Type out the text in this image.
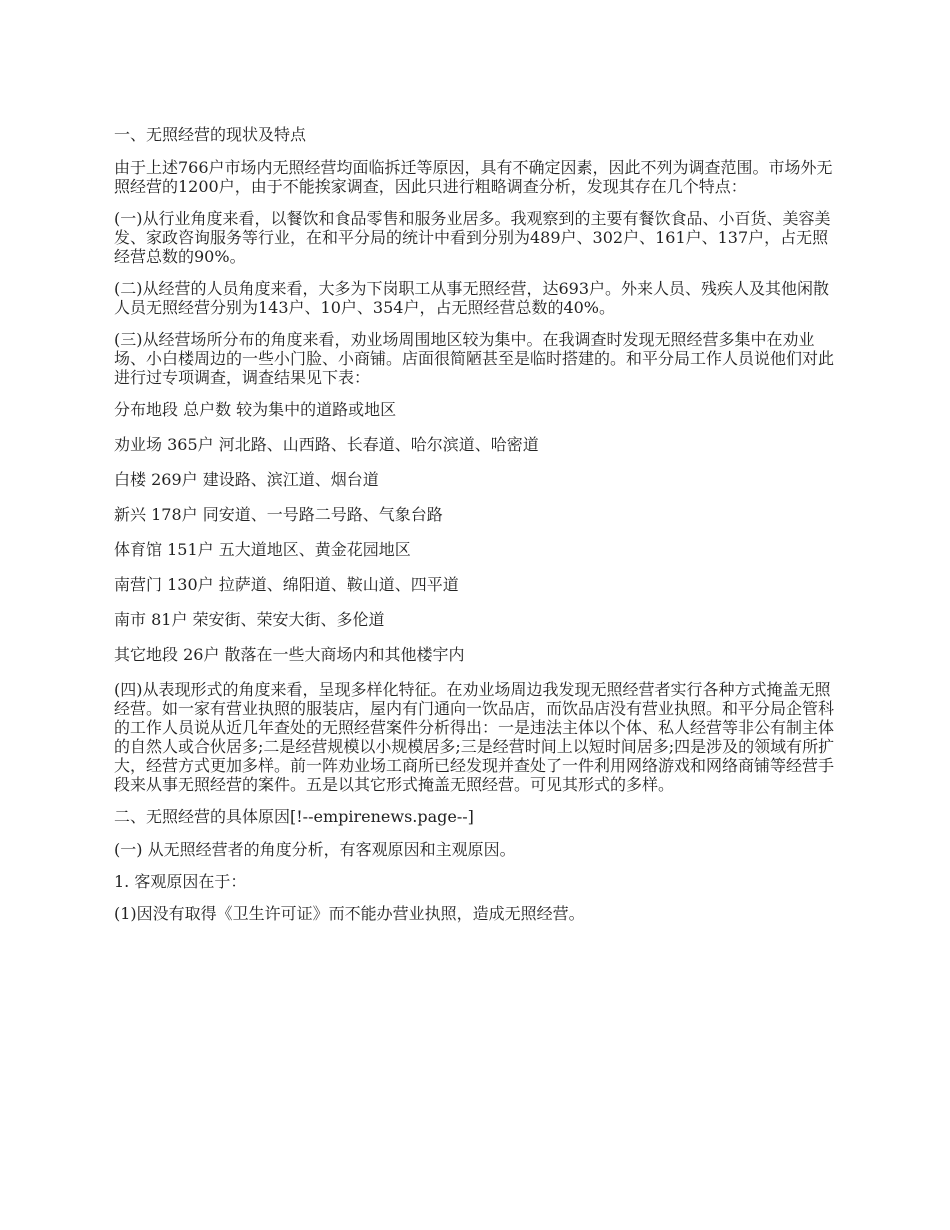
一、无照经营的现状及特点

由于上述766户市场内无照经营均面临拆迁等原因，具有不确定因素，因此不列为调查范围。市场外无照经营的1200户，由于不能挨家调查，因此只进行粗略调查分析，发现其存在几个特点：

(一)从行业角度来看，以餐饮和食品零售和服务业居多。我观察到的主要有餐饮食品、小百货、美容美发、家政咨询服务等行业，在和平分局的统计中看到分别为489户、302户、161户、137户，占无照经营总数的90%。

(二)从经营的人员角度来看，大多为下岗职工从事无照经营，达693户。外来人员、残疾人及其他闲散人员无照经营分别为143户、10户、354户，占无照经营总数的40%。

(三)从经营场所分布的角度来看，劝业场周围地区较为集中。在我调查时发现无照经营多集中在劝业场、小白楼周边的一些小门脸、小商铺。店面很简陋甚至是临时搭建的。和平分局工作人员说他们对此进行过专项调查，调查结果见下表：

分布地段 总户数 较为集中的道路或地区

劝业场 365户 河北路、山西路、长春道、哈尔滨道、哈密道

白楼 269户 建设路、滨江道、烟台道

新兴 178户 同安道、一号路二号路、气象台路

体育馆 151户 五大道地区、黄金花园地区

南营门 130户 拉萨道、绵阳道、鞍山道、四平道

南市 81户 荣安街、荣安大街、多伦道

其它地段 26户 散落在一些大商场内和其他楼宇内

(四)从表现形式的角度来看，呈现多样化特征。在劝业场周边我发现无照经营者实行各种方式掩盖无照经营。如一家有营业执照的服装店，屋内有门通向一饮品店，而饮品店没有营业执照。和平分局企管科的工作人员说从近几年查处的无照经营案件分析得出：一是违法主体以个体、私人经营等非公有制主体的自然人或合伙居多;二是经营规模以小规模居多;三是经营时间上以短时间居多;四是涉及的领域有所扩大，经营方式更加多样。前一阵劝业场工商所已经发现并查处了一件利用网络游戏和网络商铺等经营手段来从事无照经营的案件。五是以其它形式掩盖无照经营。可见其形式的多样。

二、无照经营的具体原因[!--empirenews.page--]

(一) 从无照经营者的角度分析，有客观原因和主观原因。

1. 客观原因在于：

(1)因没有取得《卫生许可证》而不能办营业执照，造成无照经营。
